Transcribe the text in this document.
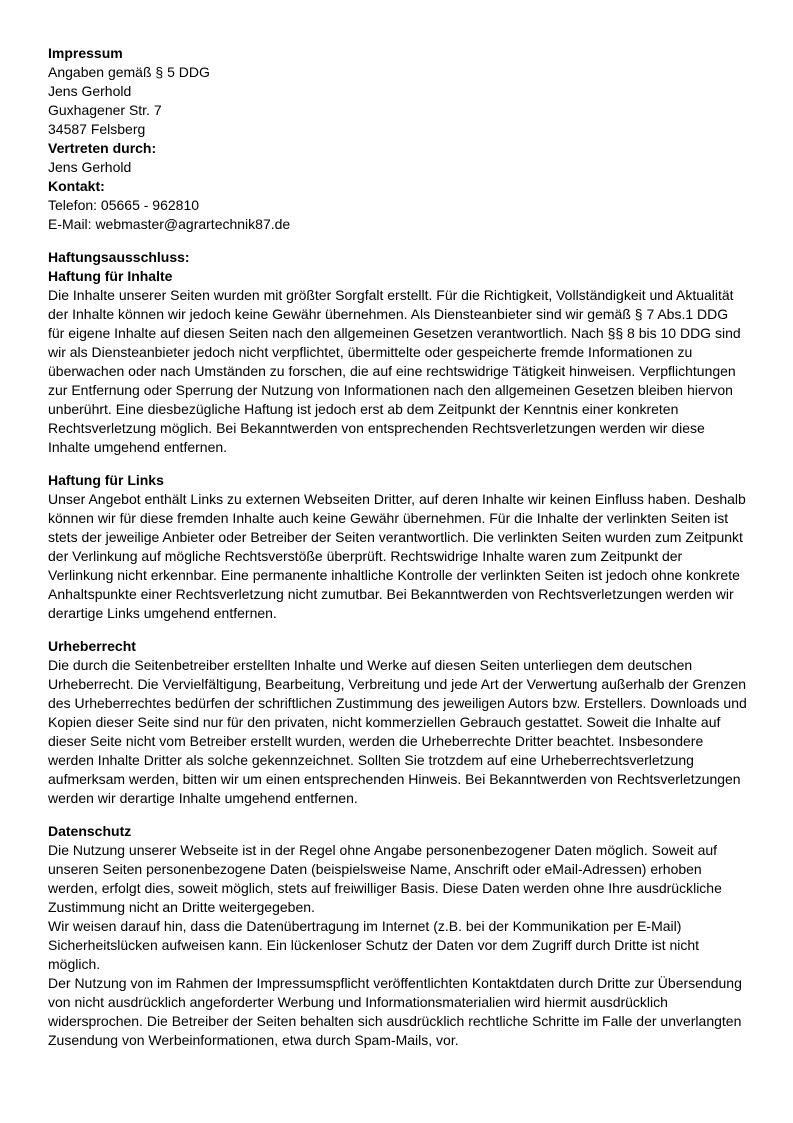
Impressum

Angaben gemäß § 5 DDG

Jens Gerhold

Guxhagener Str. 7

34587 Felsberg

Vertreten durch:

Jens Gerhold

Kontakt:

Telefon: 05665 - 962810

E-Mail: webmaster@agrartechnik87.de

Haftungsausschluss:

Haftung für Inhalte

Die Inhalte unserer Seiten wurden mit größter Sorgfalt erstellt. Für die Richtigkeit, Vollständigkeit und Aktualität der Inhalte können wir jedoch keine Gewähr übernehmen. Als Diensteanbieter sind wir gemäß § 7 Abs.1 DDG für eigene Inhalte auf diesen Seiten nach den allgemeinen Gesetzen verantwortlich. Nach §§ 8 bis 10 DDG sind wir als Diensteanbieter jedoch nicht verpflichtet, übermittelte oder gespeicherte fremde Informationen zu überwachen oder nach Umständen zu forschen, die auf eine rechtswidrige Tätigkeit hinweisen. Verpflichtungen zur Entfernung oder Sperrung der Nutzung von Informationen nach den allgemeinen Gesetzen bleiben hiervon unberührt. Eine diesbezügliche Haftung ist jedoch erst ab dem Zeitpunkt der Kenntnis einer konkreten Rechtsverletzung möglich. Bei Bekanntwerden von entsprechenden Rechtsverletzungen werden wir diese Inhalte umgehend entfernen.

Haftung für Links

Unser Angebot enthält Links zu externen Webseiten Dritter, auf deren Inhalte wir keinen Einfluss haben. Deshalb können wir für diese fremden Inhalte auch keine Gewähr übernehmen. Für die Inhalte der verlinkten Seiten ist stets der jeweilige Anbieter oder Betreiber der Seiten verantwortlich. Die verlinkten Seiten wurden zum Zeitpunkt der Verlinkung auf mögliche Rechtsverstöße überprüft. Rechtswidrige Inhalte waren zum Zeitpunkt der Verlinkung nicht erkennbar. Eine permanente inhaltliche Kontrolle der verlinkten Seiten ist jedoch ohne konkrete Anhaltspunkte einer Rechtsverletzung nicht zumutbar. Bei Bekanntwerden von Rechtsverletzungen werden wir derartige Links umgehend entfernen.

Urheberrecht

Die durch die Seitenbetreiber erstellten Inhalte und Werke auf diesen Seiten unterliegen dem deutschen Urheberrecht. Die Vervielfältigung, Bearbeitung, Verbreitung und jede Art der Verwertung außerhalb der Grenzen des Urheberrechtes bedürfen der schriftlichen Zustimmung des jeweiligen Autors bzw. Erstellers. Downloads und Kopien dieser Seite sind nur für den privaten, nicht kommerziellen Gebrauch gestattet. Soweit die Inhalte auf dieser Seite nicht vom Betreiber erstellt wurden, werden die Urheberrechte Dritter beachtet. Insbesondere werden Inhalte Dritter als solche gekennzeichnet. Sollten Sie trotzdem auf eine Urheberrechtsverletzung aufmerksam werden, bitten wir um einen entsprechenden Hinweis. Bei Bekanntwerden von Rechtsverletzungen werden wir derartige Inhalte umgehend entfernen.

Datenschutz

Die Nutzung unserer Webseite ist in der Regel ohne Angabe personenbezogener Daten möglich. Soweit auf unseren Seiten personenbezogene Daten (beispielsweise Name, Anschrift oder eMail-Adressen) erhoben werden, erfolgt dies, soweit möglich, stets auf freiwilliger Basis. Diese Daten werden ohne Ihre ausdrückliche Zustimmung nicht an Dritte weitergegeben.

Wir weisen darauf hin, dass die Datenübertragung im Internet (z.B. bei der Kommunikation per E-Mail) Sicherheitslücken aufweisen kann. Ein lückenloser Schutz der Daten vor dem Zugriff durch Dritte ist nicht möglich.

Der Nutzung von im Rahmen der Impressumspflicht veröffentlichten Kontaktdaten durch Dritte zur Übersendung von nicht ausdrücklich angeforderter Werbung und Informationsmaterialien wird hiermit ausdrücklich widersprochen. Die Betreiber der Seiten behalten sich ausdrücklich rechtliche Schritte im Falle der unverlangten Zusendung von Werbeinformationen, etwa durch Spam-Mails, vor.
